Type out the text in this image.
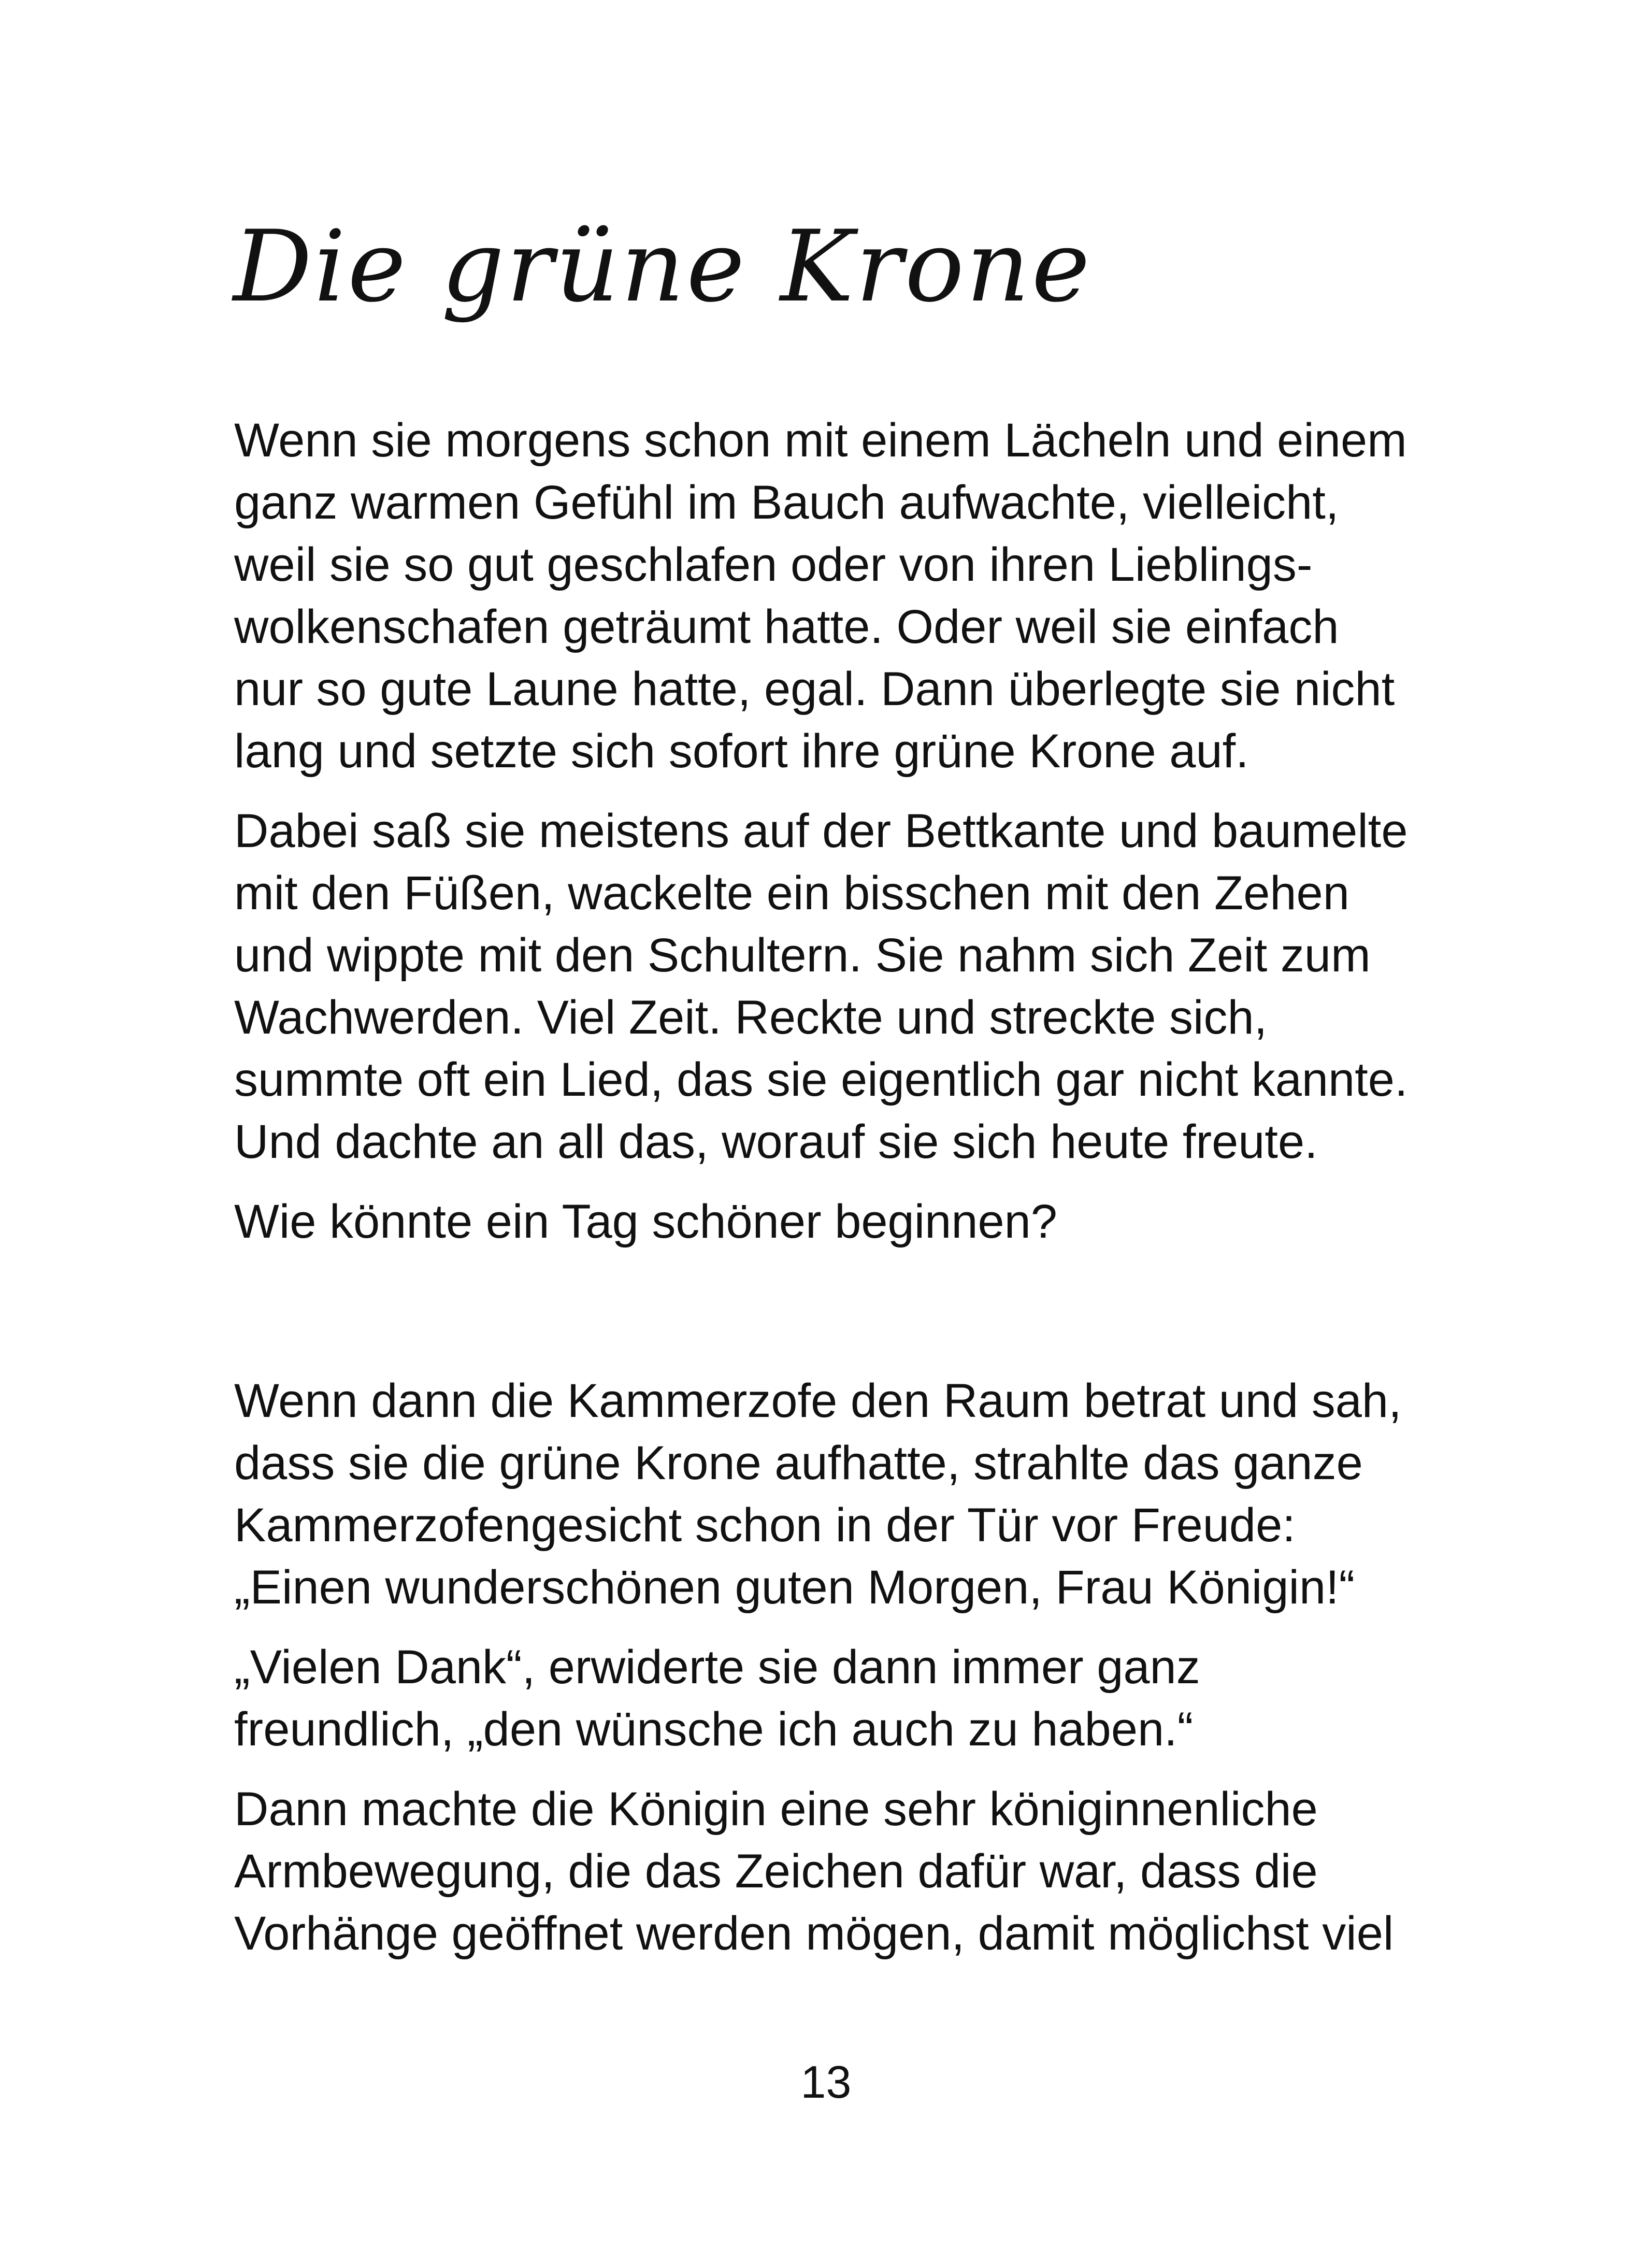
Die grüne Krone

Wenn sie morgens schon mit einem Lächeln und einem
ganz warmen Gefühl im Bauch aufwachte, vielleicht,
weil sie so gut geschlafen oder von ihren Lieblings-
wolkenschafen geträumt hatte. Oder weil sie einfach
nur so gute Laune hatte, egal. Dann überlegte sie nicht
lang und setzte sich sofort ihre grüne Krone auf.

Dabei saß sie meistens auf der Bettkante und baumelte
mit den Füßen, wackelte ein bisschen mit den Zehen
und wippte mit den Schultern. Sie nahm sich Zeit zum
Wachwerden. Viel Zeit. Reckte und streckte sich,
summte oft ein Lied, das sie eigentlich gar nicht kannte.
Und dachte an all das, worauf sie sich heute freute.

Wie könnte ein Tag schöner beginnen?

Wenn dann die Kammerzofe den Raum betrat und sah,
dass sie die grüne Krone aufhatte, strahlte das ganze
Kammerzofengesicht schon in der Tür vor Freude:
„Einen wunderschönen guten Morgen, Frau Königin!“

„Vielen Dank“, erwiderte sie dann immer ganz
freundlich, „den wünsche ich auch zu haben.“

Dann machte die Königin eine sehr königinnenliche
Armbewegung, die das Zeichen dafür war, dass die
Vorhänge geöffnet werden mögen, damit möglichst viel

13
